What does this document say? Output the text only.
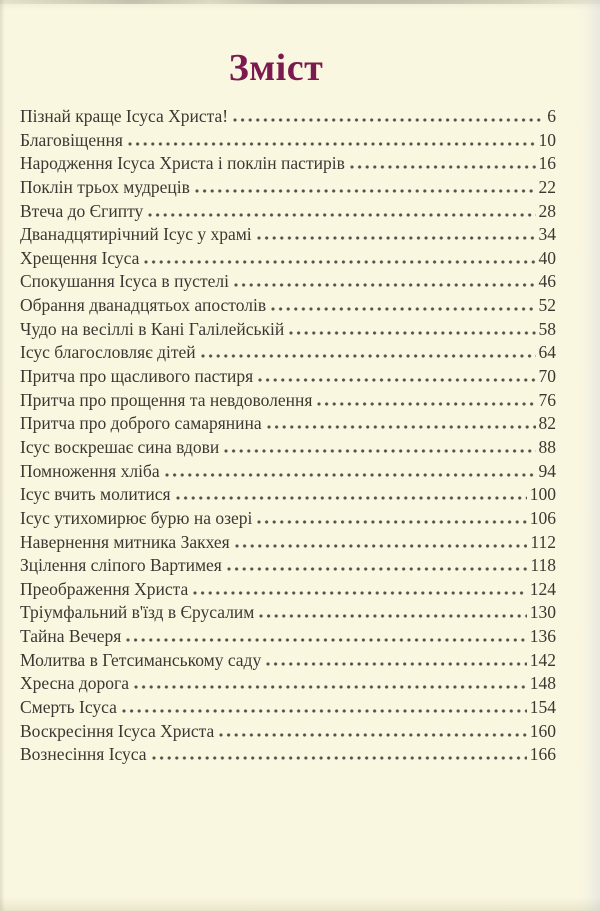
Зміст
Пізнай краще Ісуса Христа!	6
Благовіщення	10
Народження Ісуса Христа і поклін пастирів	16
Поклін трьох мудреців	22
Втеча до Єгипту	28
Дванадцятирічний Ісус у храмі	34
Хрещення Ісуса	40
Спокушання Ісуса в пустелі	46
Обрання дванадцятьох апостолів	52
Чудо на весіллі в Кані Галілейській	58
Ісус благословляє дітей	64
Притча про щасливого пастиря	70
Притча про прощення та невдоволення	76
Притча про доброго самарянина	82
Ісус воскрешає сина вдови	88
Помноження хліба	94
Ісус вчить молитися	100
Ісус утихомирює бурю на озері	106
Навернення митника Закхея	112
Зцілення сліпого Вартимея	118
Преображення Христа	124
Тріумфальний в'їзд в Єрусалим	130
Тайна Вечеря	136
Молитва в Гетсиманському саду	142
Хресна дорога	148
Смерть Ісуса	154
Воскресіння Ісуса Христа	160
Вознесіння Ісуса	166
